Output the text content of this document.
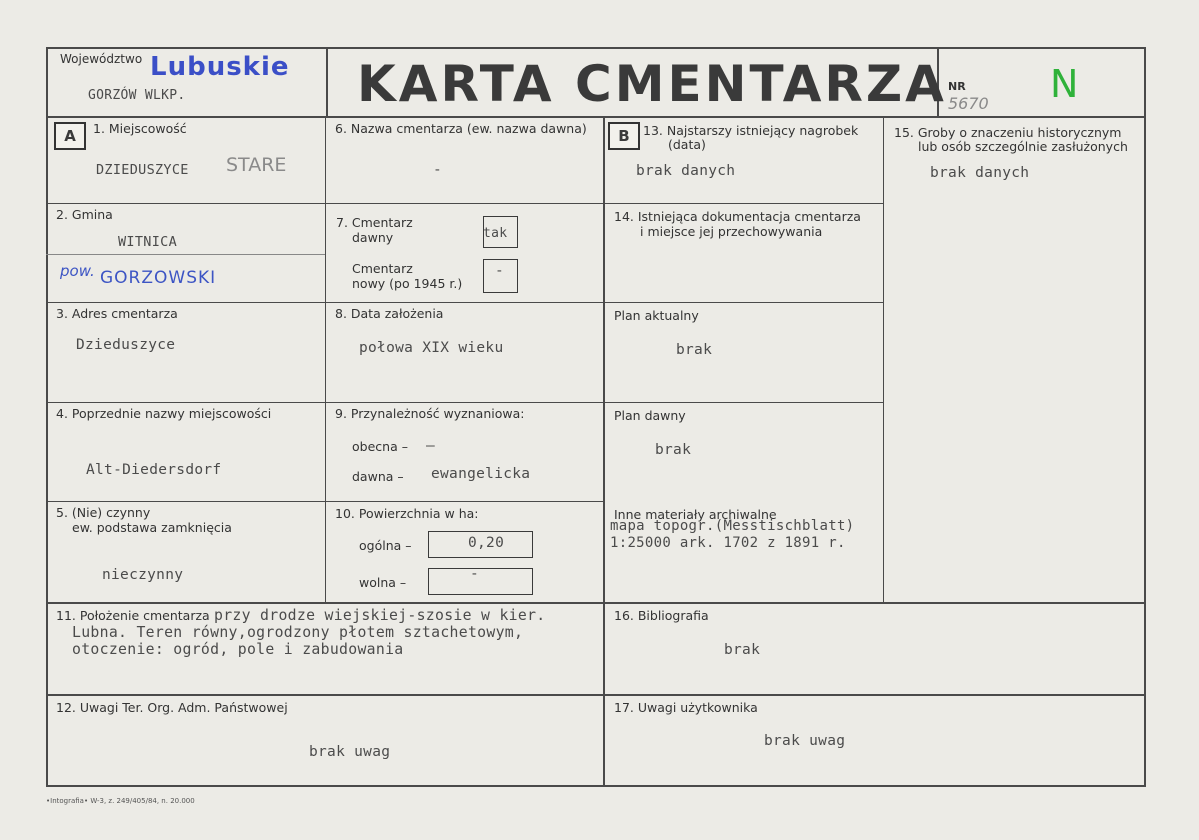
Województwo Lubuskie
GORZÓW WLKP.	KARTA CMENTARZA NR
5670 N
A	B
1. Miejscowość
DZIEDUSZYCE STARE
2. Gmina
WITNICA
pow. GORZOWSKI
3. Adres cmentarza
Dzieduszyce
4. Poprzednie nazwy miejscowości
Alt-Diedersdorf
5. (Nie) czynny
ew. podstawa zamknięcia
nieczynny
6. Nazwa cmentarza (ew. nazwa dawna)
-
7. Cmentarz
dawny	tak
Cmentarz
nowy (po 1945 r.)
-
8. Data założenia
połowa XIX wieku
9. Przynależność wyznaniowa:
obecna – –
dawna – ewangelicka
10. Powierzchnia w ha:
ogólna –	0,20
wolna –
-
11. Położenie cmentarza przy drodze wiejskiej-szosie w kier.
Lubna. Teren równy,ogrodzony płotem sztachetowym,
otoczenie: ogród, pole i zabudowania
12. Uwagi Ter. Org. Adm. Państwowej
brak uwag
13. Najstarszy istniejący nagrobek
(data)
brak danych
14. Istniejąca dokumentacja cmentarza
i miejsce jej przechowywania
Plan aktualny
brak
Plan dawny
brak
Inne materiały archiwalne
mapa topogr.(Messtischblatt)
1:25000 ark. 1702 z 1891 r.
15. Groby o znaczeniu historycznym
lub osób szczególnie zasłużonych
brak danych
16. Bibliografia
brak
17. Uwagi użytkownika
brak uwag
•Intografia• W-3, z. 249/405/84, n. 20.000
